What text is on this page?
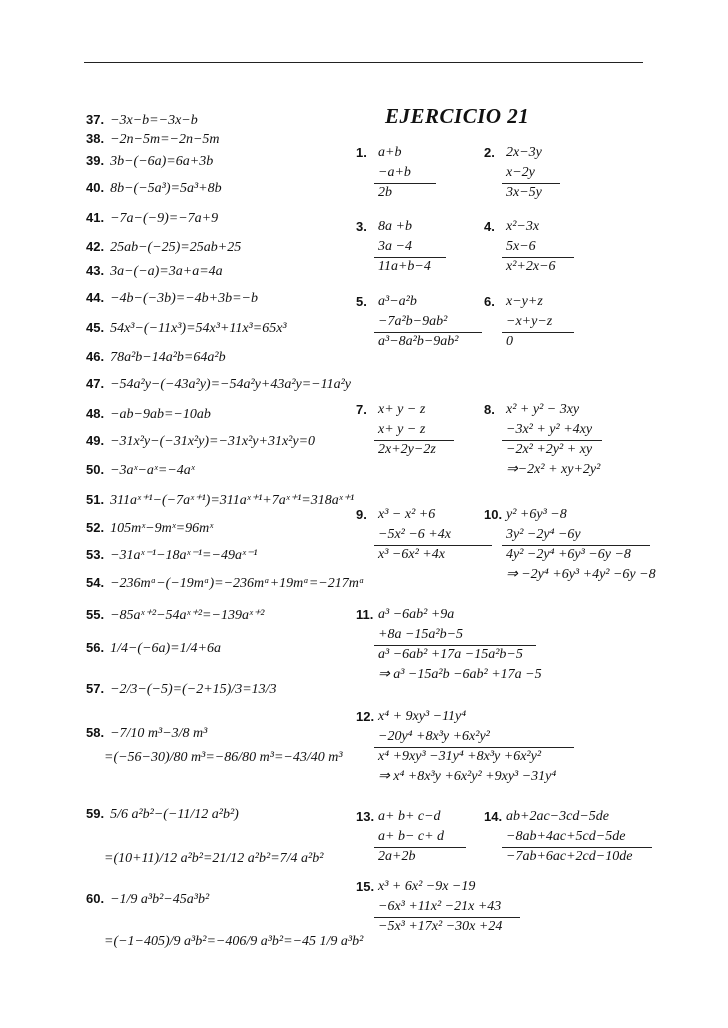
EJERCICIO 21
37. −3x−b=−3x−b
38. −2n−5m=−2n−5m
39. 3b−(−6a)=6a+3b
40. 8b−(−5a³)=5a³+8b
41. −7a−(−9)=−7a+9
42. 25ab−(−25)=25ab+25
43. 3a−(−a)=3a+a=4a
44. −4b−(−3b)=−4b+3b=−b
45. 54x³−(−11x³)=54x³+11x³=65x³
46. 78a²b−14a²b=64a²b
47. −54a²y−(−43a²y)=−54a²y+43a²y=−11a²y
48. −ab−9ab=−10ab
49. −31x²y−(−31x²y)=−31x²y+31x²y=0
50. −3aˣ−aˣ=−4aˣ
51. 311aˣ⁺¹−(−7aˣ⁺¹)=311aˣ⁺¹+7aˣ⁺¹=318aˣ⁺¹
52. 105mˣ−9mˣ=96mˣ
53. −31aˣ⁻¹−18aˣ⁻¹=−49aˣ⁻¹
54. −236mᵃ−(−19mᵃ)=−236mᵃ+19mᵃ=−217mᵃ
55. −85aˣ⁺²−54aˣ⁺²=−139aˣ⁺²
56. 1/4−(−6a)=1/4+6a
57. −2/3−(−5)=(−2+15)/3=13/3
58. −7/10 m³−3/8 m³
=(−56−30)/80 m³=−86/80 m³=−43/40 m³
59. 5/6 a²b²−(−11/12 a²b²)
=(10+11)/12 a²b²=21/12 a²b²=7/4 a²b²
60. −1/9 a³b²−45a³b²
=(−1−405)/9 a³b²=−406/9 a³b²=−45 1/9 a³b²
1. a+b
−a+b
2b
2. 2x−3y
x−2y
3x−5y
3. 8a +b
3a −4
11a+b−4
4. x²−3x
5x−6
x²+2x−6
5. a³−a²b
−7a²b−9ab²
a³−8a²b−9ab²
6. x−y+z
−x+y−z
0
7. x+ y − z
x+ y − z
2x+2y−2z
8. x² + y² − 3xy
−3x² + y² +4xy
−2x² +2y² + xy
⇒−2x² + xy+2y²
9. x³ − x² +6
−5x² −6 +4x
x³ −6x² +4x
10. y² +6y³ −8
3y² −2y⁴ −6y
4y² −2y⁴ +6y³ −6y −8
⇒ −2y⁴ +6y³ +4y² −6y −8
11. a³ −6ab² +9a
+8a −15a²b−5
a³ −6ab² +17a −15a²b−5
⇒ a³ −15a²b −6ab² +17a −5
12. x⁴ + 9xy³ −11y⁴
−20y⁴ +8x³y +6x²y²
x⁴ +9xy³ −31y⁴ +8x³y +6x²y²
⇒ x⁴ +8x³y +6x²y² +9xy³ −31y⁴
13. a+ b+ c−d
a+ b− c+ d
2a+2b
14. ab+2ac−3cd−5de
−8ab+4ac+5cd−5de
−7ab+6ac+2cd−10de
15. x³ + 6x² −9x −19
−6x³ +11x² −21x +43
−5x³ +17x² −30x +24
